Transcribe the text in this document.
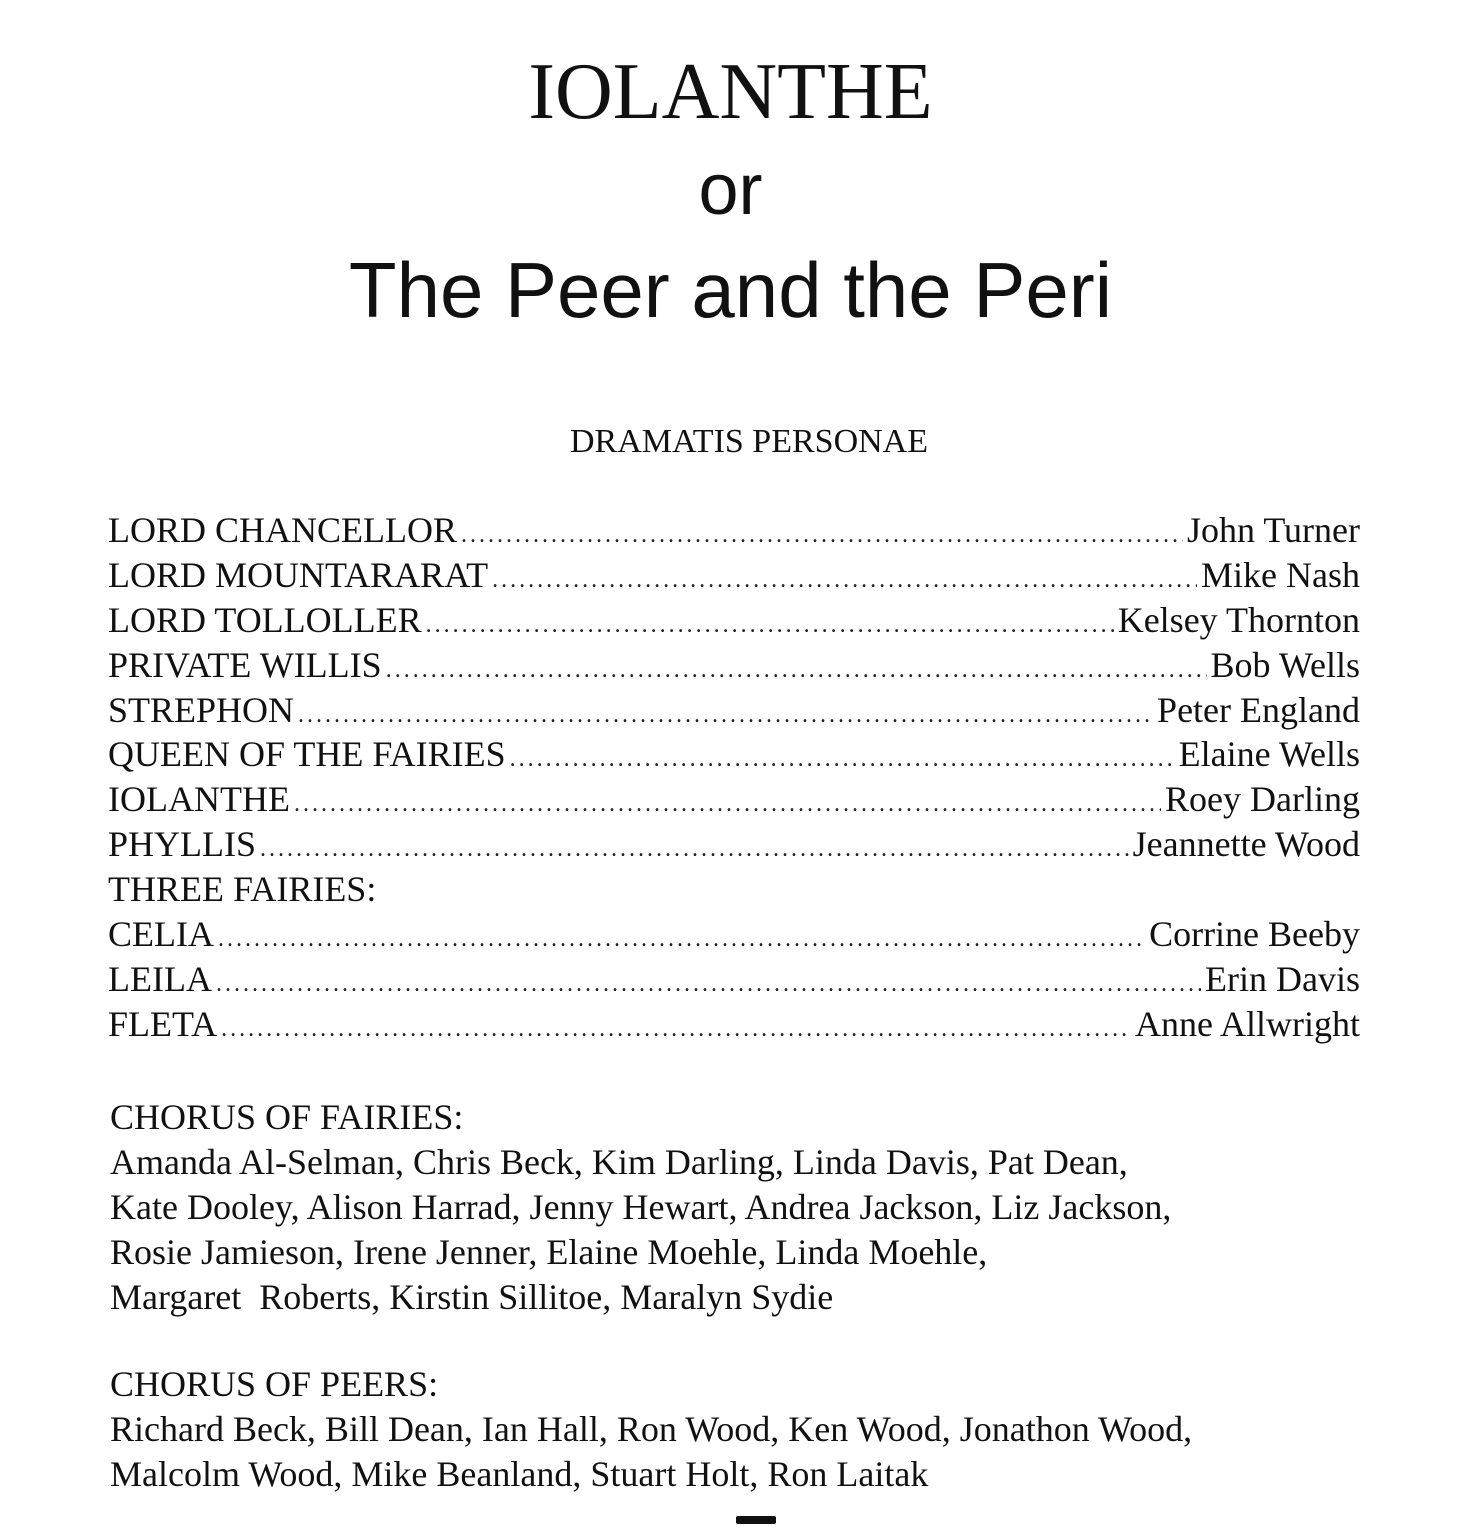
IOLANTHE
or
The Peer and the Peri
DRAMATIS PERSONAE
LORD CHANCELLOR .....	John Turner
LORD MOUNTARARAT .....	Mike Nash
LORD TOLLOLLER .....	Kelsey Thornton
PRIVATE WILLIS .....	Bob Wells
STREPHON .....	Peter England
QUEEN OF THE FAIRIES .....	Elaine Wells
IOLANTHE .....	Roey Darling
PHYLLIS .....	Jeannette Wood
THREE FAIRIES:
CELIA .....	Corrine Beeby
LEILA .....	Erin Davis
FLETA .....	Anne Allwright
CHORUS OF FAIRIES:
Amanda Al-Selman, Chris Beck, Kim Darling, Linda Davis, Pat Dean,
Kate Dooley, Alison Harrad, Jenny Hewart, Andrea Jackson, Liz Jackson,
Rosie Jamieson, Irene Jenner, Elaine Moehle, Linda Moehle,
Margaret  Roberts, Kirstin Sillitoe, Maralyn Sydie
CHORUS OF PEERS:
Richard Beck, Bill Dean, Ian Hall, Ron Wood, Ken Wood, Jonathon Wood,
Malcolm Wood, Mike Beanland, Stuart Holt, Ron Laitak
